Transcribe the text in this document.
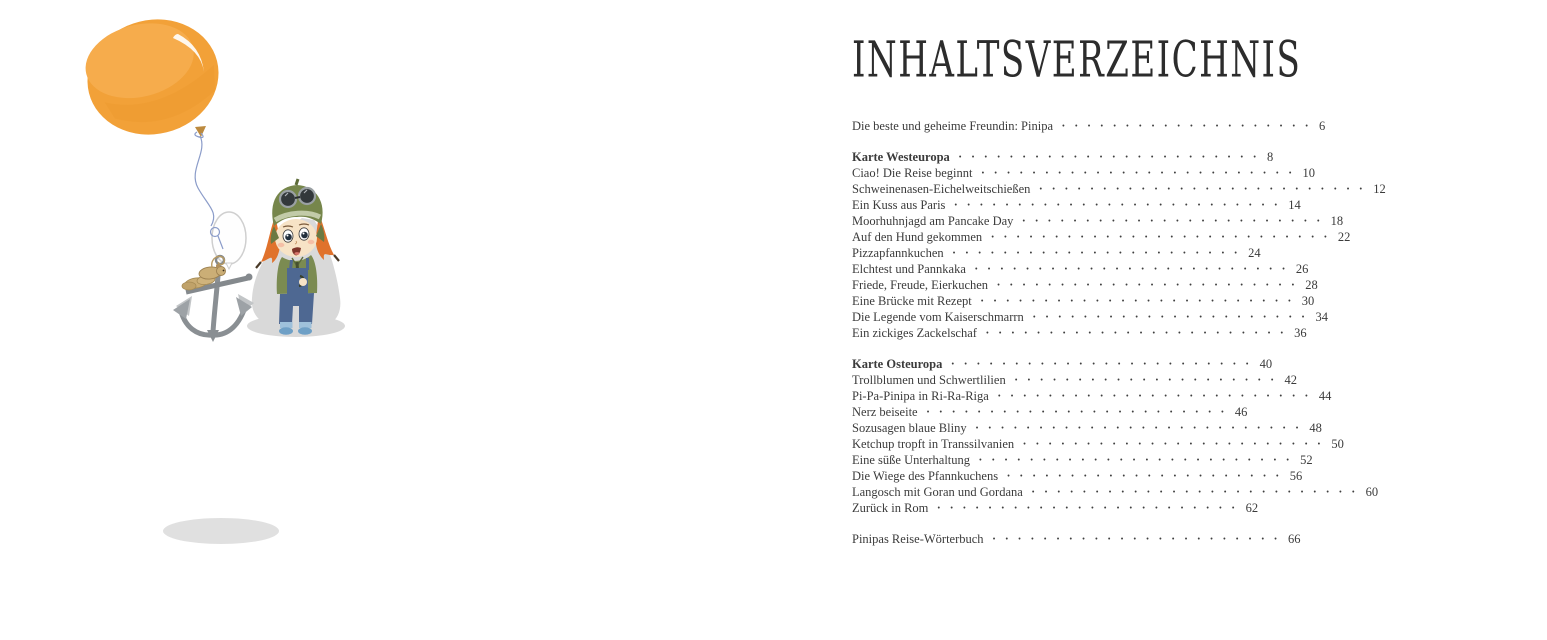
INHALTSVERZEICHNIS
Die beste und geheime Freundin: Pinipa •••••••••••••••••••• 6
Karte Westeuropa •••••••••••••••••••••••• 8
Ciao! Die Reise beginnt ••••••••••••••••••••••••• 10
Schweinenasen-Eichelweitschießen •••••••••••••••••••••••••• 12
Ein Kuss aus Paris •••••••••••••••••••••••••• 14
Moorhuhnjagd am Pancake Day •••••••••••••••••••••••• 18
Auf den Hund gekommen ••••••••••••••••••••••••••• 22
Pizzapfannkuchen ••••••••••••••••••••••• 24
Elchtest und Pannkaka ••••••••••••••••••••••••• 26
Friede, Freude, Eierkuchen •••••••••••••••••••••••• 28
Eine Brücke mit Rezept ••••••••••••••••••••••••• 30
Die Legende vom Kaiserschmarrn •••••••••••••••••••••• 34
Ein zickiges Zackelschaf •••••••••••••••••••••••• 36
Karte Osteuropa •••••••••••••••••••••••• 40
Trollblumen und Schwertlilien ••••••••••••••••••••• 42
Pi-Pa-Pinipa in Ri-Ra-Riga ••••••••••••••••••••••••• 44
Nerz beiseite •••••••••••••••••••••••• 46
Sozusagen blaue Bliny •••••••••••••••••••••••••• 48
Ketchup tropft in Transsilvanien •••••••••••••••••••••••• 50
Eine süße Unterhaltung ••••••••••••••••••••••••• 52
Die Wiege des Pfannkuchens •••••••••••••••••••••• 56
Langosch mit Goran und Gordana •••••••••••••••••••••••••• 60
Zurück in Rom •••••••••••••••••••••••• 62
Pinipas Reise-Wörterbuch ••••••••••••••••••••••• 66
